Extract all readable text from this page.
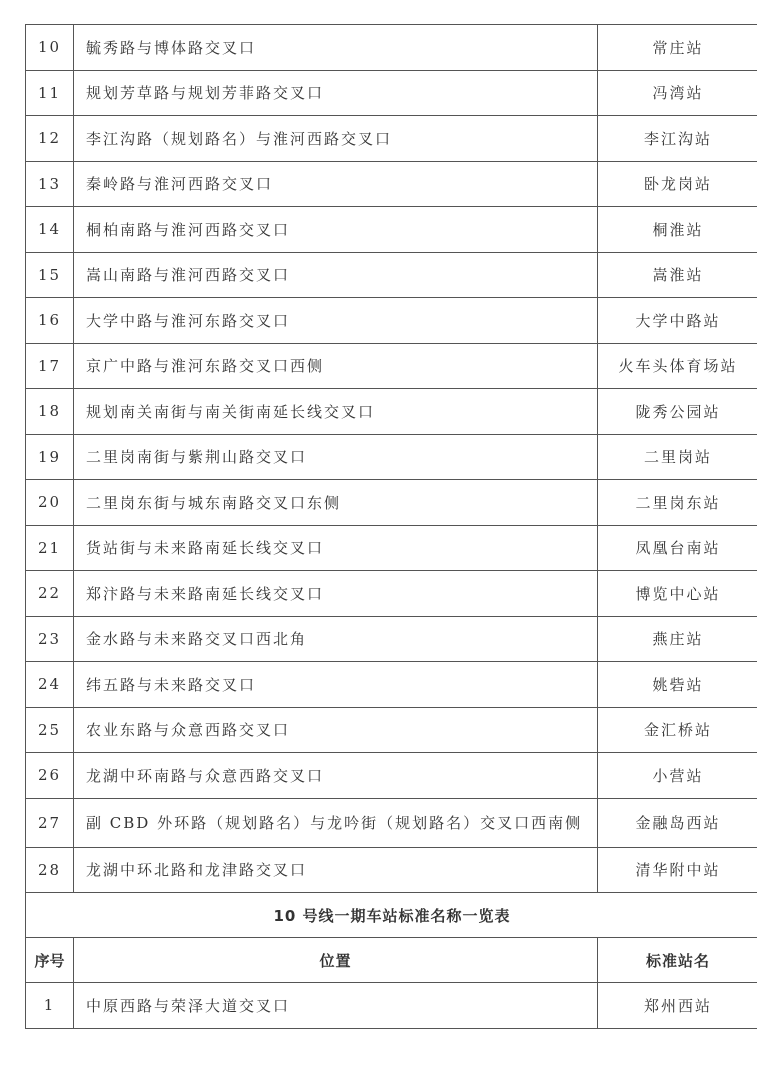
10	毓秀路与博体路交叉口	常庄站
11	规划芳草路与规划芳菲路交叉口	冯湾站
12	李江沟路（规划路名）与淮河西路交叉口	李江沟站
13	秦岭路与淮河西路交叉口	卧龙岗站
14	桐柏南路与淮河西路交叉口	桐淮站
15	嵩山南路与淮河西路交叉口	嵩淮站
16	大学中路与淮河东路交叉口	大学中路站
17	京广中路与淮河东路交叉口西侧	火车头体育场站
18	规划南关南街与南关街南延长线交叉口	陇秀公园站
19	二里岗南街与紫荆山路交叉口	二里岗站
20	二里岗东街与城东南路交叉口东侧	二里岗东站
21	货站街与未来路南延长线交叉口	凤凰台南站
22	郑汴路与未来路南延长线交叉口	博览中心站
23	金水路与未来路交叉口西北角	燕庄站
24	纬五路与未来路交叉口	姚砦站
25	农业东路与众意西路交叉口	金汇桥站
26	龙湖中环南路与众意西路交叉口	小营站
27	副 CBD 外环路（规划路名）与龙吟街（规划路名）交叉口西南侧	金融岛西站
28	龙湖中环北路和龙津路交叉口	清华附中站
10 号线一期车站标准名称一览表		
序号	位置	标准站名
1	中原西路与荣泽大道交叉口	郑州西站
